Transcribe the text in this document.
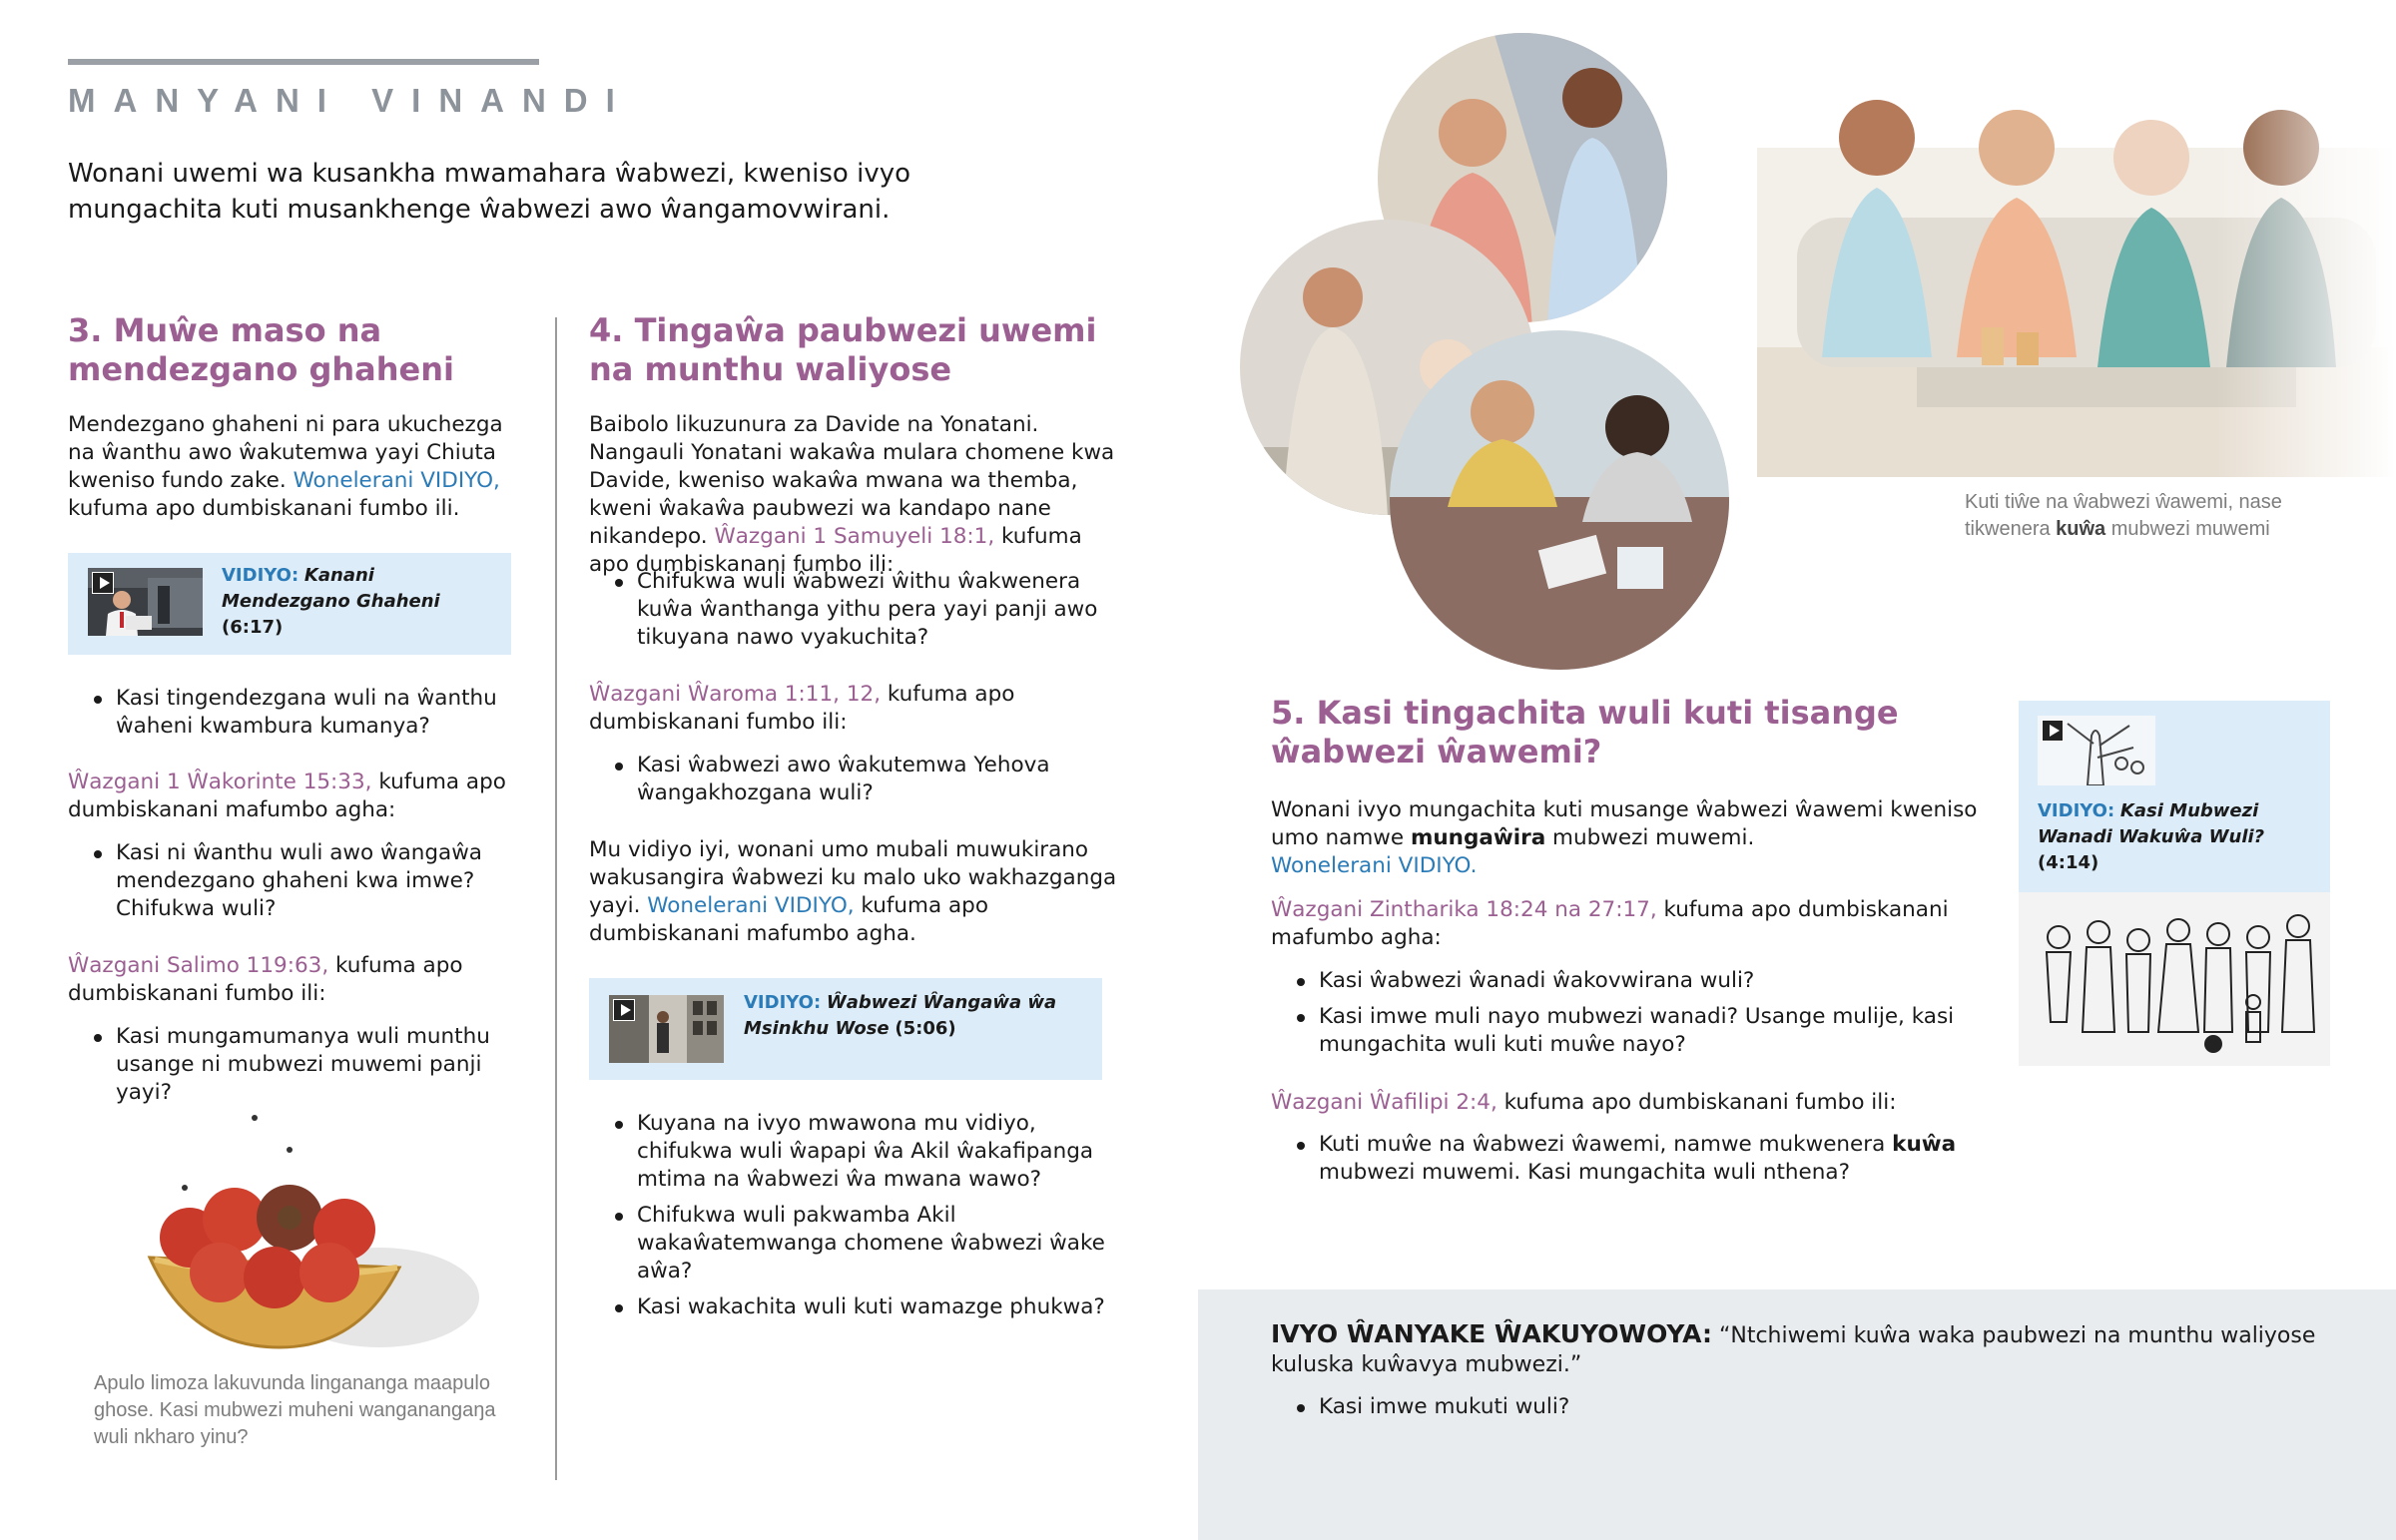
MANYANI VINANDI

Wonani uwemi wa kusankha mwamahara ŵabwezi, kweniso ivyo mungachita kuti musankhenge ŵabwezi awo ŵangamovwirani.

3. Muŵe maso na mendezgano ghaheni

Mendezgano ghaheni ni para ukuchezga na ŵanthu awo ŵakutemwa yayi Chiuta kweniso fundo zake. Wonelerani VIDIYO, kufuma apo dumbiskanani fumbo ili.

VIDIYO: Kanani Mendezgano Ghaheni (6:17)
Kasi tingendezgana wuli na ŵanthu ŵaheni kwambura kumanya?

Ŵazgani 1 Ŵakorinte 15:33, kufuma apo dumbiskanani mafumbo agha:

Kasi ni ŵanthu wuli awo ŵangaŵa mendezgano ghaheni kwa imwe? Chifukwa wuli?

Ŵazgani Salimo 119:63, kufuma apo dumbiskanani fumbo ili:

Kasi mungamumanya wuli munthu usange ni mubwezi muwemi panji yayi?

Apulo limoza lakuvunda lingananga maapulo ghose. Kasi mubwezi muheni wanganangaŋa wuli nkharo yinu?

4. Tingaŵa paubwezi uwemi na munthu waliyose

Baibolo likuzunura za Davide na Yonatani. Nangauli Yonatani wakaŵa mulara chomene kwa Davide, kweniso wakaŵa mwana wa themba, kweni ŵakaŵa paubwezi wa kandapo nane nikandepo. Ŵazgani 1 Samuyeli 18:1, kufuma apo dumbiskanani fumbo ili:

Chifukwa wuli ŵabwezi ŵithu ŵakwenera kuŵa ŵanthanga yithu pera yayi panji awo tikuyana nawo vyakuchita?

Ŵazgani Ŵaroma 1:11, 12, kufuma apo dumbiskanani fumbo ili:

Kasi ŵabwezi awo ŵakutemwa Yehova ŵangakhozgana wuli?

Mu vidiyo iyi, wonani umo mubali muwukirano wakusangira ŵabwezi ku malo uko wakhazganga yayi. Wonelerani VIDIYO, kufuma apo dumbiskanani mafumbo agha.

VIDIYO: Ŵabwezi Ŵangaŵa ŵa Msinkhu Wose (5:06)
Kuyana na ivyo mwawona mu vidiyo, chifukwa wuli ŵapapi ŵa Akil ŵakafipanga mtima na ŵabwezi ŵa mwana wawo?
Chifukwa wuli pakwamba Akil wakaŵatemwanga chomene ŵabwezi ŵake aŵa?
Kasi wakachita wuli kuti wamazge phukwa?

Kuti tiŵe na ŵabwezi ŵawemi, nase tikwenera kuŵa mubwezi muwemi

5. Kasi tingachita wuli kuti tisange ŵabwezi ŵawemi?

Wonani ivyo mungachita kuti musange ŵabwezi ŵawemi kweniso umo namwe mungaŵira mubwezi muwemi.
Wonelerani VIDIYO.

Ŵazgani Zintharika 18:24 na 27:17, kufuma apo dumbiskanani mafumbo agha:

Kasi ŵabwezi ŵanadi ŵakovwirana wuli?
Kasi imwe muli nayo mubwezi wanadi? Usange mulije, kasi mungachita wuli kuti muŵe nayo?

Ŵazgani Ŵafilipi 2:4, kufuma apo dumbiskanani fumbo ili:

Kuti muŵe na ŵabwezi ŵawemi, namwe mukwenera kuŵa mubwezi muwemi. Kasi mungachita wuli nthena?
VIDIYO: Kasi Mubwezi Wanadi Wakuŵa Wuli? (4:14)

IVYO ŴANYAKE ŴAKUYOWOYA: “Ntchiwemi kuŵa waka paubwezi na munthu waliyose kuluska kuŵavya mubwezi.”

Kasi imwe mukuti wuli?
